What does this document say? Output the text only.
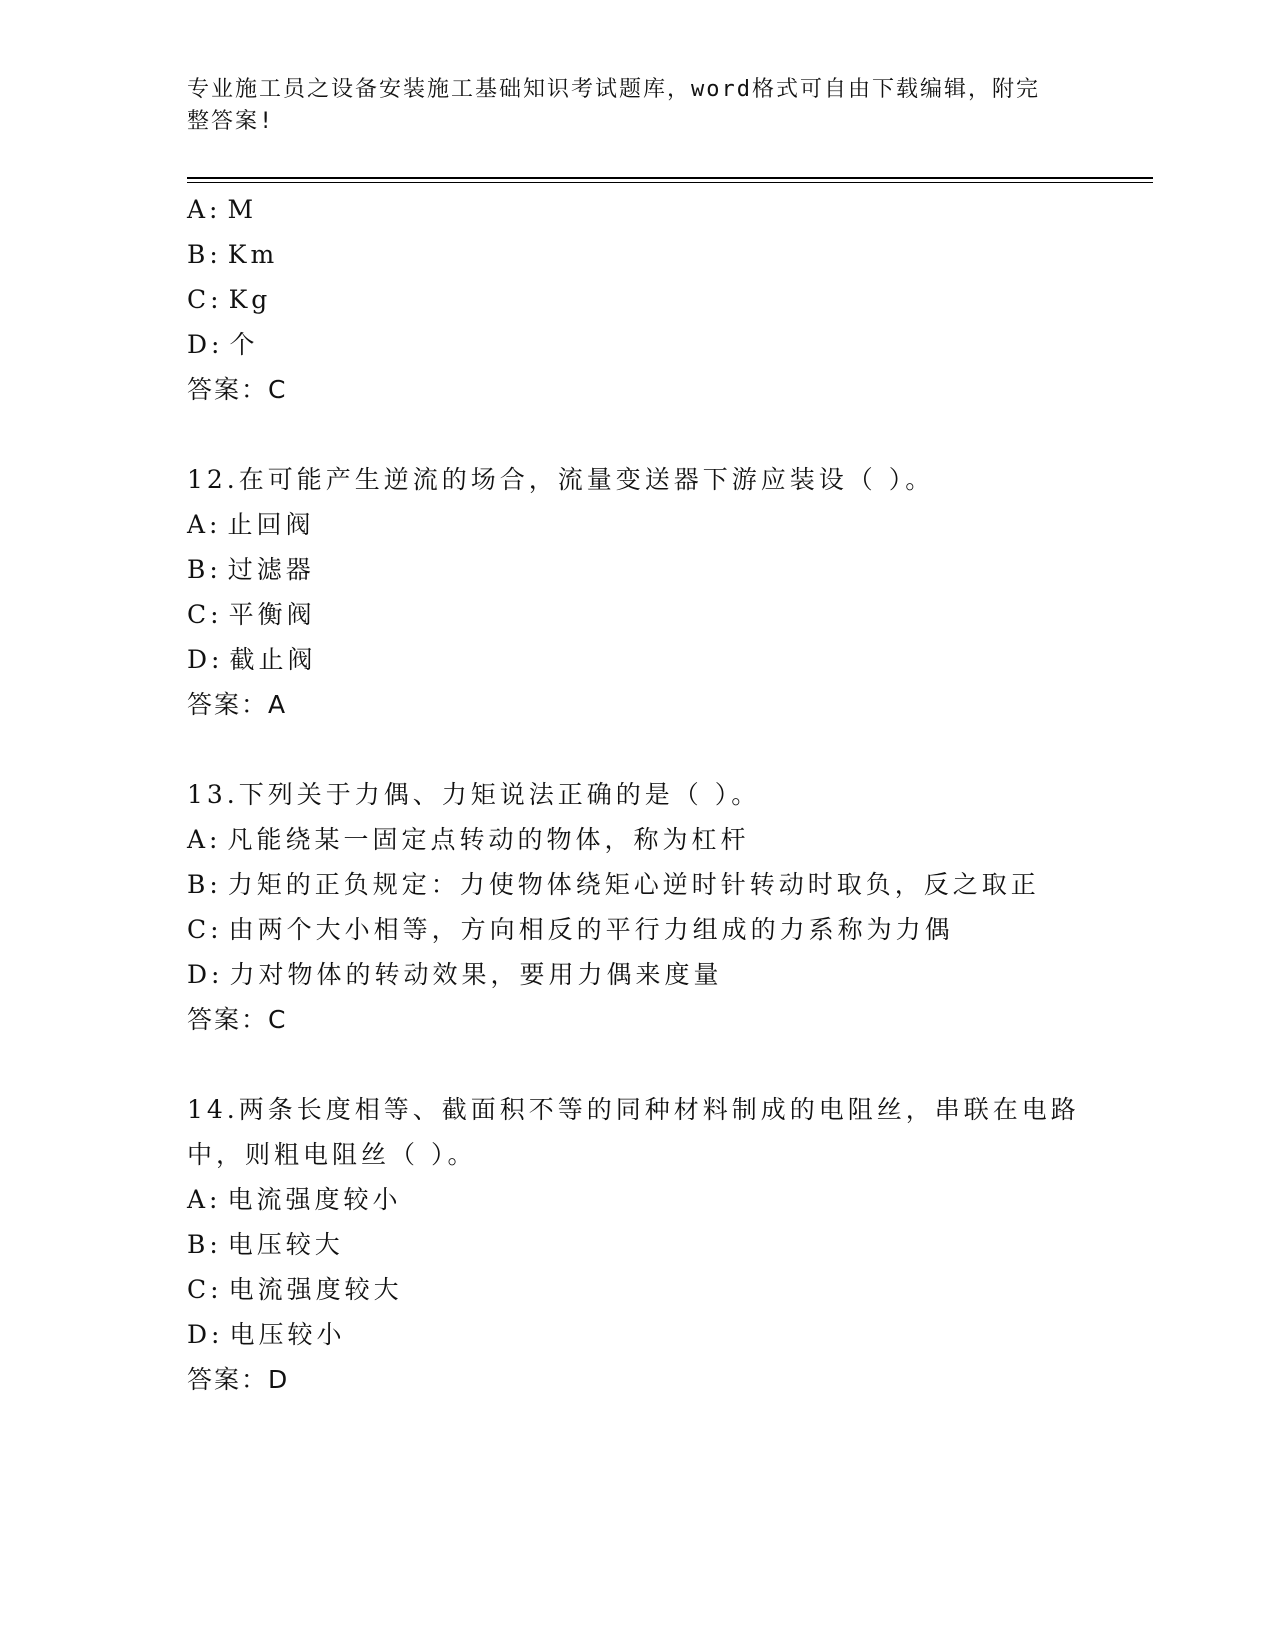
专业施工员之设备安装施工基础知识考试题库，word格式可自由下载编辑，附完
整答案!
A: M
B: Km
C: Kg
D: 个
答案：C
12.在可能产生逆流的场合，流量变送器下游应装设（ ）。
A: 止回阀
B: 过滤器
C: 平衡阀
D: 截止阀
答案：A
13.下列关于力偶、力矩说法正确的是（ ）。
A: 凡能绕某一固定点转动的物体，称为杠杆
B: 力矩的正负规定：力使物体绕矩心逆时针转动时取负，反之取正
C: 由两个大小相等，方向相反的平行力组成的力系称为力偶
D: 力对物体的转动效果，要用力偶来度量
答案：C
14.两条长度相等、截面积不等的同种材料制成的电阻丝，串联在电路
中，则粗电阻丝（ ）。
A: 电流强度较小
B: 电压较大
C: 电流强度较大
D: 电压较小
答案：D
